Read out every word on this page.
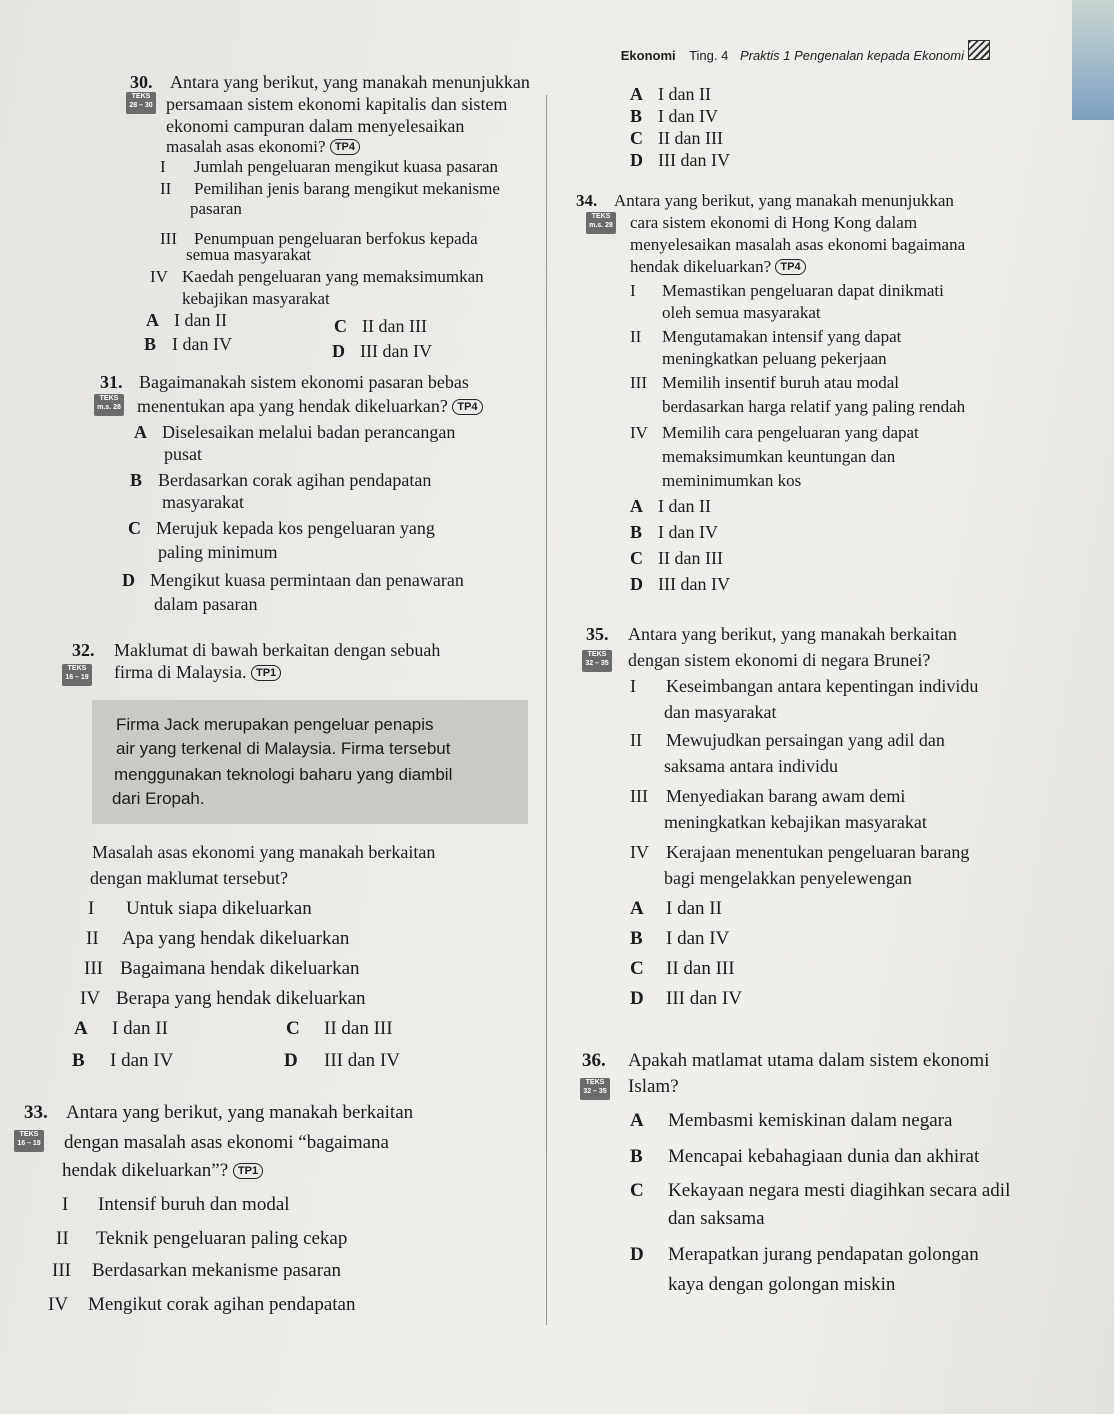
Ekonomi Ting. 4 Praktis 1 Pengenalan kepada Ekonomi
30. Antara yang berikut, yang manakah menunjukkan
TEKS
28 – 30 persamaan sistem ekonomi kapitalis dan sistem
ekonomi campuran dalam menyelesaikan
masalah asas ekonomi? TP4
I Jumlah pengeluaran mengikut kuasa pasaran
II Pemilihan jenis barang mengikut mekanisme
pasaran
III Penumpuan pengeluaran berfokus kepada
semua masyarakat
IV Kaedah pengeluaran yang memaksimumkan
kebajikan masyarakat
A I dan II	C II dan III
B I dan IV	D III dan IV
31. Bagaimanakah sistem ekonomi pasaran bebas
TEKS
m.s. 28 menentukan apa yang hendak dikeluarkan? TP4
A Diselesaikan melalui badan perancangan
pusat
B Berdasarkan corak agihan pendapatan
masyarakat
C Merujuk kepada kos pengeluaran yang
paling minimum
D Mengikut kuasa permintaan dan penawaran
dalam pasaran
32. Maklumat di bawah berkaitan dengan sebuah
TEKS
16 – 19 firma di Malaysia. TP1
Firma Jack merupakan pengeluar penapis
air yang terkenal di Malaysia. Firma tersebut
menggunakan teknologi baharu yang diambil
dari Eropah.
Masalah asas ekonomi yang manakah berkaitan
dengan maklumat tersebut?
I Untuk siapa dikeluarkan
II Apa yang hendak dikeluarkan
III Bagaimana hendak dikeluarkan
IV Berapa yang hendak dikeluarkan
A I dan II	C II dan III
B I dan IV	D III dan IV
33. Antara yang berikut, yang manakah berkaitan
TEKS
16 – 19 dengan masalah asas ekonomi “bagaimana
hendak dikeluarkan”? TP1
I Intensif buruh dan modal
II Teknik pengeluaran paling cekap
III Berdasarkan mekanisme pasaran
IV Mengikut corak agihan pendapatan
A I dan II
B I dan IV
C II dan III
D III dan IV
34. Antara yang berikut, yang manakah menunjukkan
TEKS
m.s. 28 cara sistem ekonomi di Hong Kong dalam
menyelesaikan masalah asas ekonomi bagaimana
hendak dikeluarkan? TP4
I Memastikan pengeluaran dapat dinikmati
oleh semua masyarakat
II Mengutamakan intensif yang dapat
meningkatkan peluang pekerjaan
III Memilih insentif buruh atau modal
berdasarkan harga relatif yang paling rendah
IV Memilih cara pengeluaran yang dapat
memaksimumkan keuntungan dan
meminimumkan kos
A I dan II
B I dan IV
C II dan III
D III dan IV
35. Antara yang berikut, yang manakah berkaitan
TEKS
32 – 35 dengan sistem ekonomi di negara Brunei?
I Keseimbangan antara kepentingan individu
dan masyarakat
II Mewujudkan persaingan yang adil dan
saksama antara individu
III Menyediakan barang awam demi
meningkatkan kebajikan masyarakat
IV Kerajaan menentukan pengeluaran barang
bagi mengelakkan penyelewengan
A I dan II
B I dan IV
C II dan III
D III dan IV
36. Apakah matlamat utama dalam sistem ekonomi
TEKS
32 – 35 Islam?
A Membasmi kemiskinan dalam negara
B Mencapai kebahagiaan dunia dan akhirat
C Kekayaan negara mesti diagihkan secara adil
dan saksama
D Merapatkan jurang pendapatan golongan
kaya dengan golongan miskin
